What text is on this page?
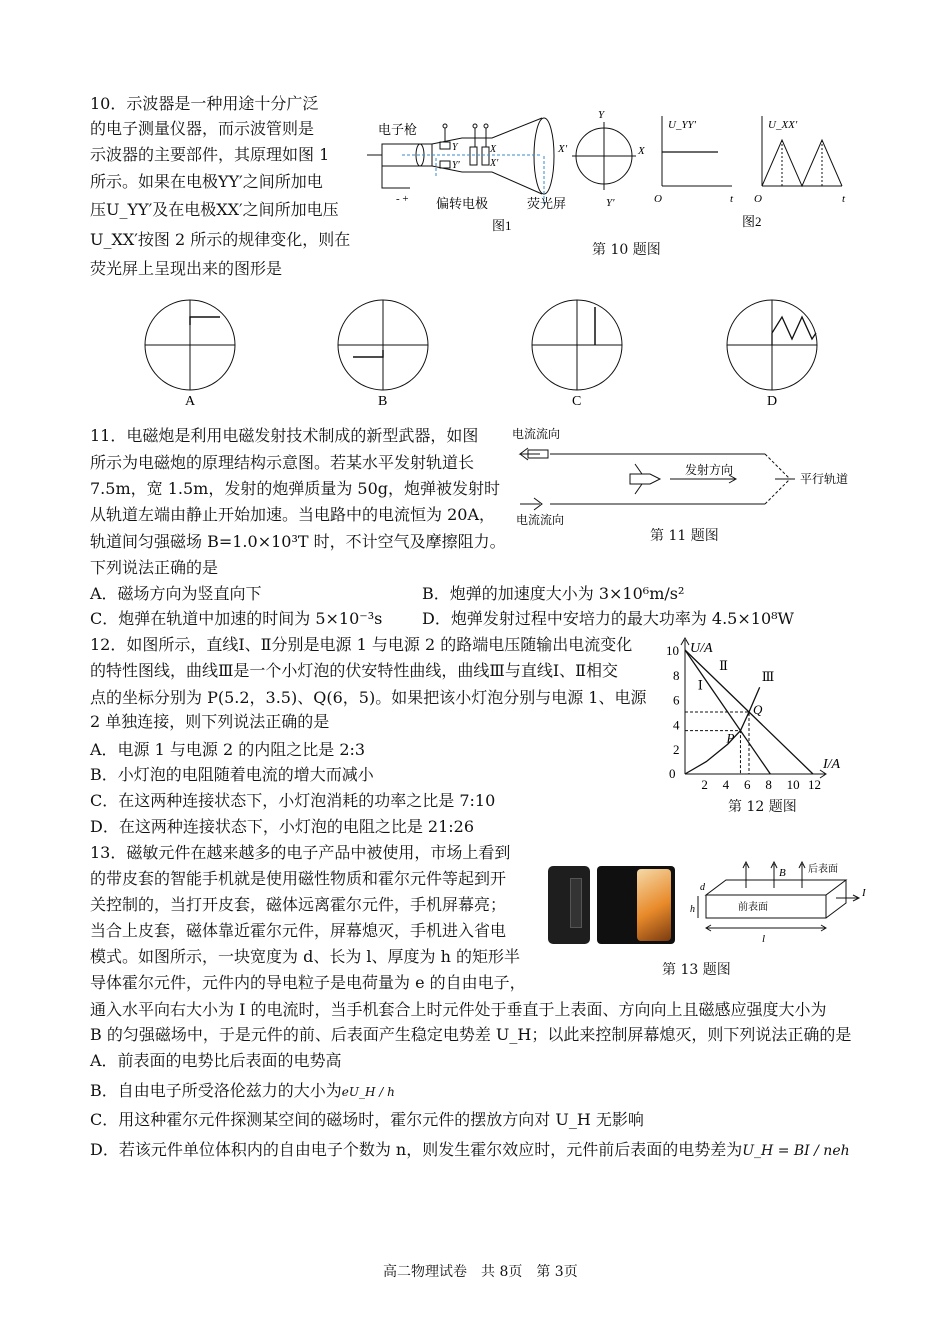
10．示波器是一种用途十分广泛
的电子测量仪器，而示波管则是
示波器的主要部件，其原理如图 1
所示。如果在电极YY′之间所加电
压U_YY′及在电极XX′之间所加电压
U_XX′按图 2 所示的规律变化，则在
荧光屏上呈现出来的图形是
电子枪
- +
Y
Y′
X
X′
Y
Y′
X
X′
偏转电极	荧光屏
图1
U_YY′
O	t
U_XX′
O	t
图2
第 10 题图
A	B	C	D
11．电磁炮是利用电磁发射技术制成的新型武器，如图
所示为电磁炮的原理结构示意图。若某水平发射轨道长
7.5m，宽 1.5m，发射的炮弹质量为 50g，炮弹被发射时
从轨道左端由静止开始加速。当电路中的电流恒为 20A，
轨道间匀强磁场 B=1.0×10³T 时，不计空气及摩擦阻力。
下列说法正确的是
电流流向
电流流向
发射方向
平行轨道
第 11 题图
A．磁场方向为竖直向下	B．炮弹的加速度大小为 3×10⁶m/s²
C．炮弹在轨道中加速的时间为 5×10⁻³s D．炮弹发射过程中安培力的最大功率为 4.5×10⁸W
12．如图所示，直线Ⅰ、Ⅱ分别是电源 1 与电源 2 的路端电压随输出电流变化
的特性图线，曲线Ⅲ是一个小灯泡的伏安特性曲线，曲线Ⅲ与直线Ⅰ、Ⅱ相交
点的坐标分别为 P(5.2，3.5)、Q(6，5)。如果把该小灯泡分别与电源 1、电源
2 单独连接，则下列说法正确的是
A．电源 1 与电源 2 的内阻之比是 2:3
B．小灯泡的电阻随着电流的增大而减小
C．在这两种连接状态下，小灯泡消耗的功率之比是 7:10
D．在这两种连接状态下，小灯泡的电阻之比是 21:26
U/A
I/A
0
2 4 6 8 10 12
2
4
6
8
10
Ⅰ
Ⅱ
Ⅲ
P
Q
第 12 题图
13．磁敏元件在越来越多的电子产品中被使用，市场上看到
的带皮套的智能手机就是使用磁性物质和霍尔元件等起到开
关控制的，当打开皮套，磁体远离霍尔元件，手机屏幕亮；
当合上皮套，磁体靠近霍尔元件，屏幕熄灭，手机进入省电
模式。如图所示，一块宽度为 d、长为 l、厚度为 h 的矩形半
导体霍尔元件，元件内的导电粒子是电荷量为 e 的自由电子，
通入水平向右大小为 I 的电流时，当手机套合上时元件处于垂直于上表面、方向向上且磁感应强度大小为
B 的匀强磁场中，于是元件的前、后表面产生稳定电势差 U_H；以此来控制屏幕熄灭，则下列说法正确的是
A．前表面的电势比后表面的电势高
B．自由电子所受洛伦兹力的大小为eU_H / h
C．用这种霍尔元件探测某空间的磁场时，霍尔元件的摆放方向对 U_H 无影响
D．若该元件单位体积内的自由电子个数为 n，则发生霍尔效应时，元件前后表面的电势差为U_H = BI / neh
B 后表面
前表面
I
d
h
l
第 13 题图
高二物理试卷　共 8页　第 3页
